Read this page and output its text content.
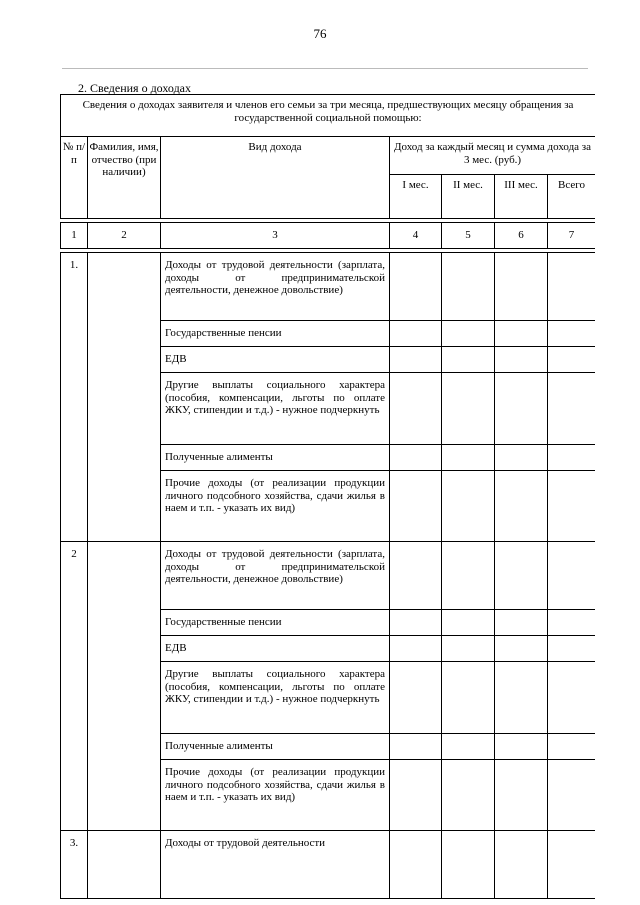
76
2. Сведения о доходах
Сведения о доходах заявителя и членов его семьи за три месяца, предшествующих месяцу обращения за государственной социальной помощью:						
№ п/п	Фамилия, имя, отчество (при наличии)	Вид дохода	Доход за каждый месяц и сумма дохода за 3 мес. (руб.)			
			I мес.	II мес.	III мес.	Всего

1	2	3	4	5	6	7

1.		Доходы от трудовой деятельности (зарплата, доходы от предпринимательской деятельности, денежное довольствие)				
		Государственные пенсии				
		ЕДВ				
		Другие выплаты социального характера (пособия, компенсации, льготы по оплате ЖКУ, стипендии и т.д.) - нужное подчеркнуть				
		Полученные алименты				
		Прочие доходы (от реализации продукции личного подсобного хозяйства, сдачи жилья в наем и т.п. - указать их вид)				
2		Доходы от трудовой деятельности (зарплата, доходы от предпринимательской деятельности, денежное довольствие)				
		Государственные пенсии				
		ЕДВ				
		Другие выплаты социального характера (пособия, компенсации, льготы по оплате ЖКУ, стипендии и т.д.) - нужное подчеркнуть				
		Полученные алименты				
		Прочие доходы (от реализации продукции личного подсобного хозяйства, сдачи жилья в наем и т.п. - указать их вид)				
3.		Доходы от трудовой деятельности				
